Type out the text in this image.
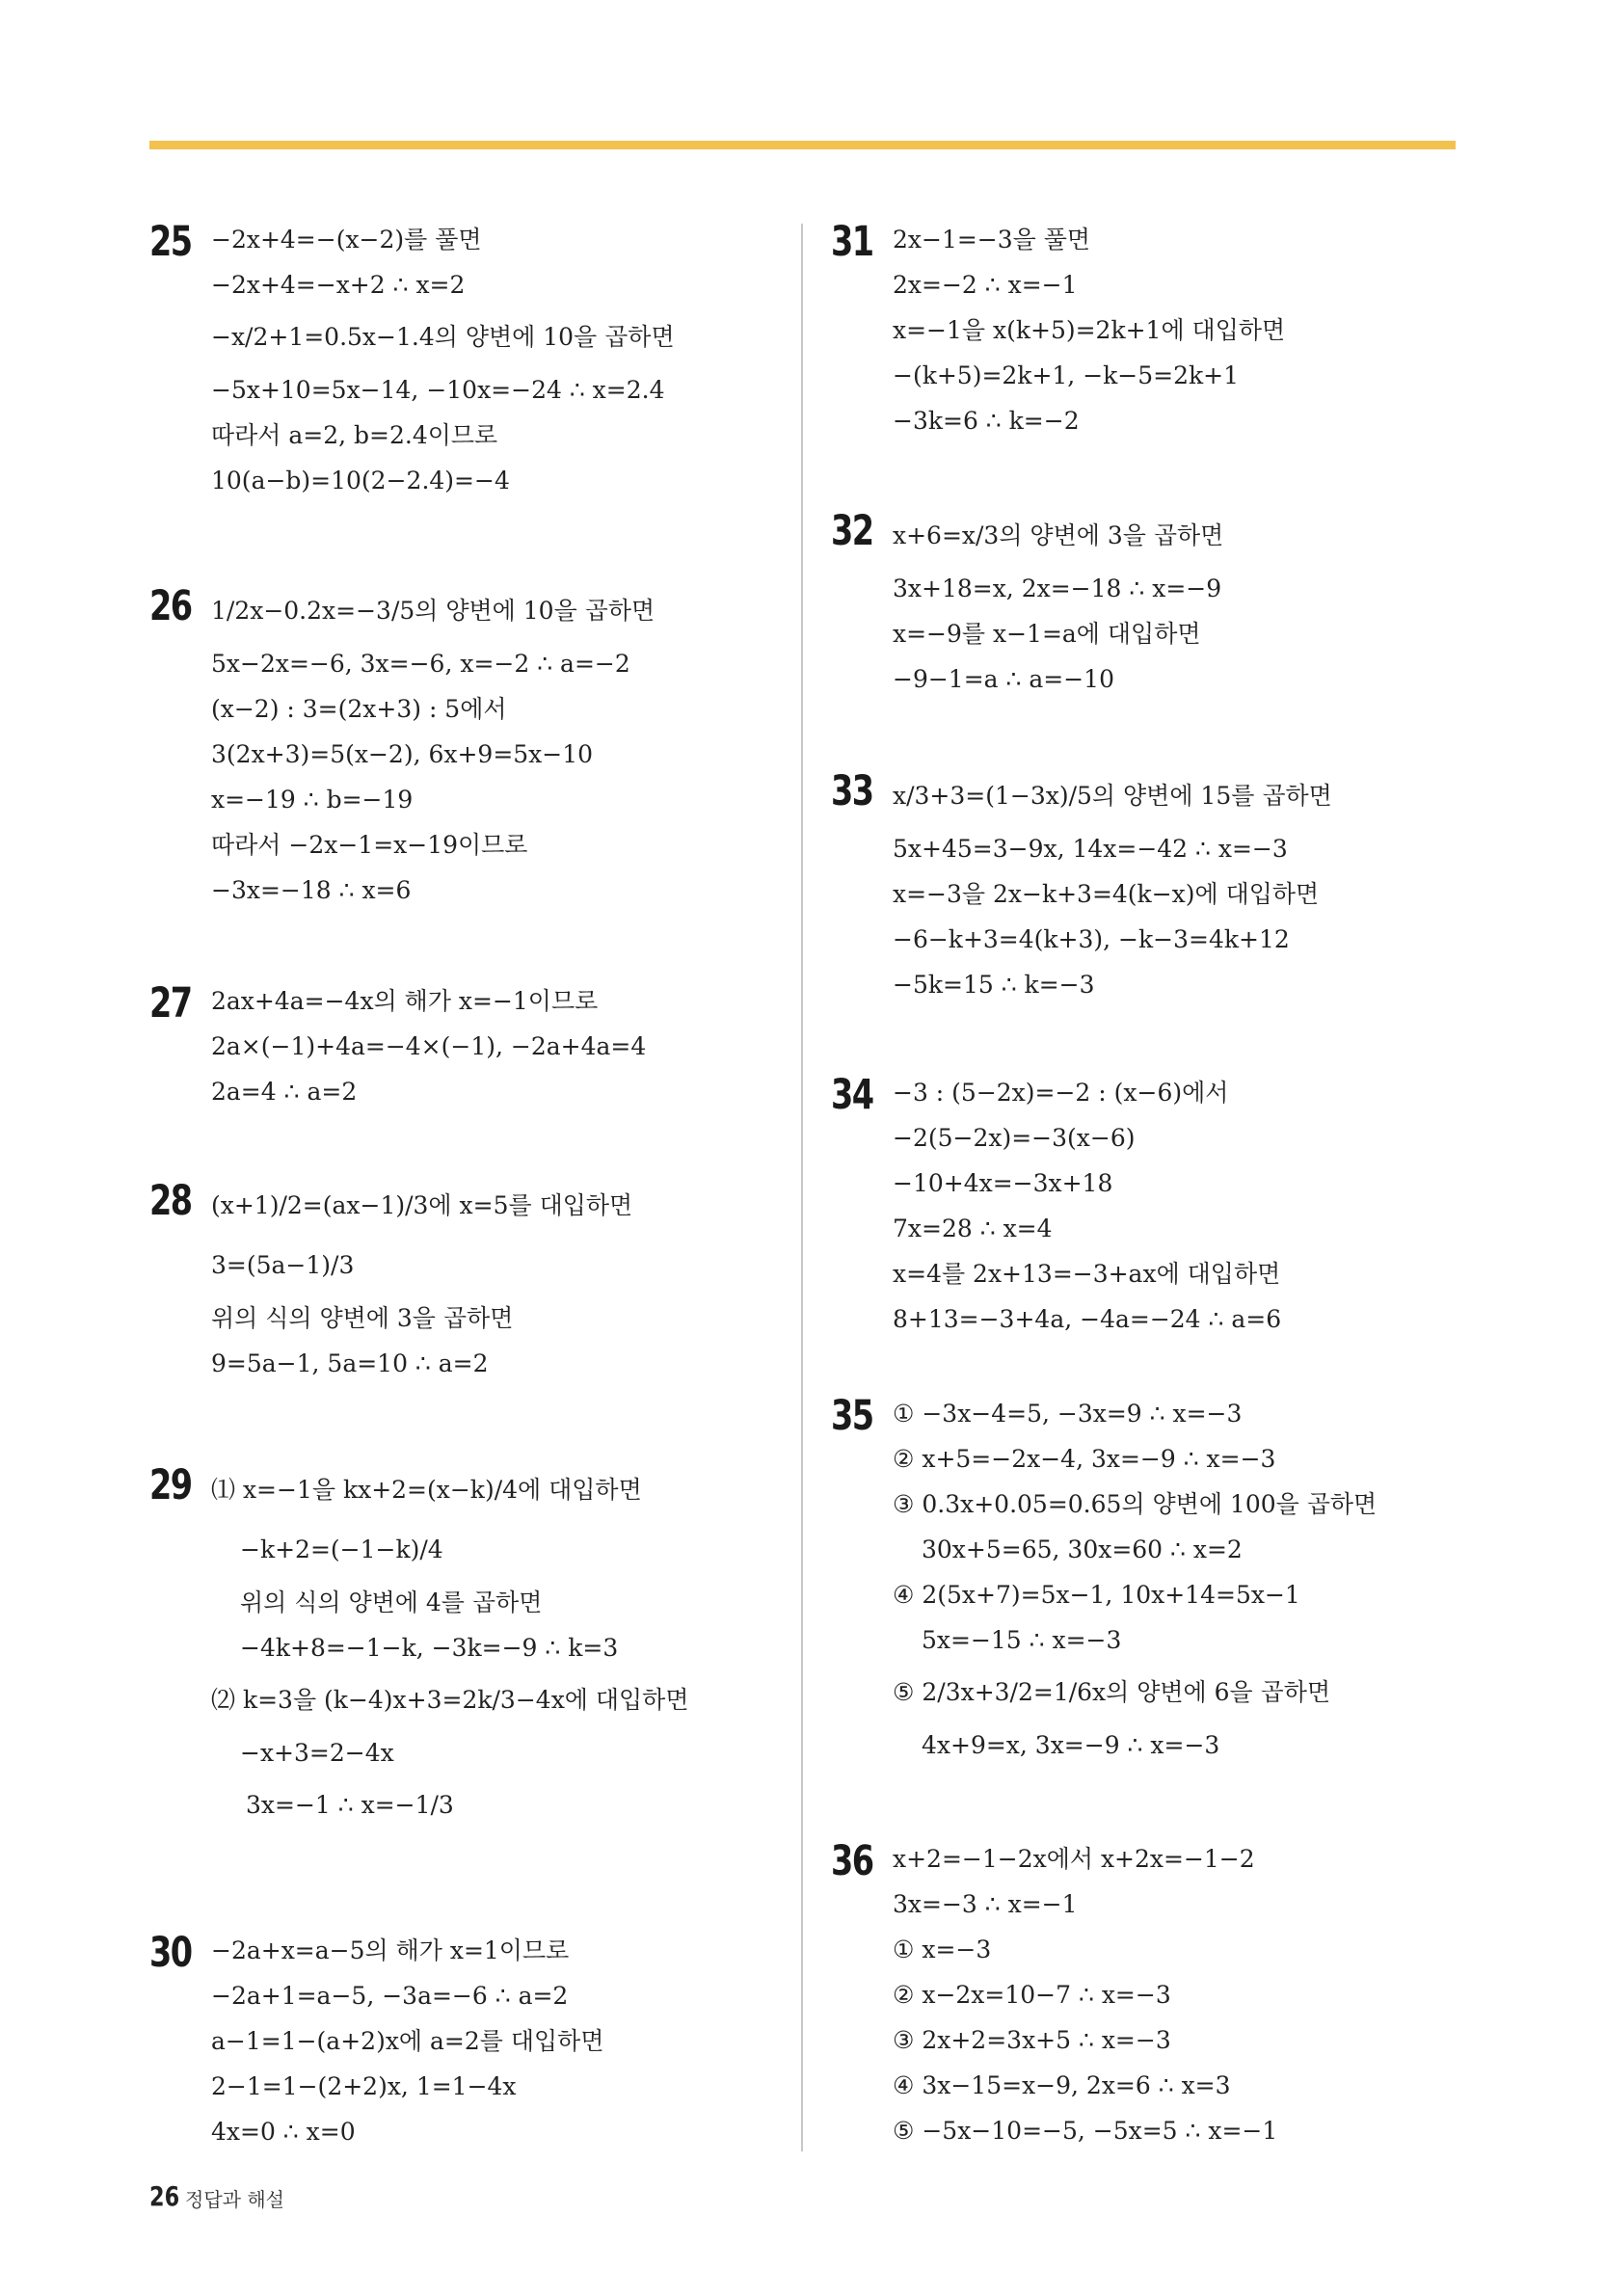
25 −2x+4=−(x−2)를 풀면
−2x+4=−x+2 ∴ x=2
−x/2+1=0.5x−1.4의 양변에 10을 곱하면
−5x+10=5x−14, −10x=−24 ∴ x=2.4
따라서 a=2, b=2.4이므로
10(a−b)=10(2−2.4)=−4
26 1/2x−0.2x=−3/5의 양변에 10을 곱하면
5x−2x=−6, 3x=−6, x=−2 ∴ a=−2
(x−2) : 3=(2x+3) : 5에서
3(2x+3)=5(x−2), 6x+9=5x−10
x=−19 ∴ b=−19
따라서 −2x−1=x−19이므로
−3x=−18 ∴ x=6
27 2ax+4a=−4x의 해가 x=−1이므로
2a×(−1)+4a=−4×(−1), −2a+4a=4
2a=4 ∴ a=2
28 (x+1)/2=(ax−1)/3에 x=5를 대입하면
3=(5a−1)/3
위의 식의 양변에 3을 곱하면
9=5a−1, 5a=10 ∴ a=2
29 ⑴ x=−1을 kx+2=(x−k)/4에 대입하면
−k+2=(−1−k)/4
위의 식의 양변에 4를 곱하면
−4k+8=−1−k, −3k=−9 ∴ k=3
⑵ k=3을 (k−4)x+3=2k/3−4x에 대입하면
−x+3=2−4x
3x=−1 ∴ x=−1/3
30 −2a+x=a−5의 해가 x=1이므로
−2a+1=a−5, −3a=−6 ∴ a=2
a−1=1−(a+2)x에 a=2를 대입하면
2−1=1−(2+2)x, 1=1−4x
4x=0 ∴ x=0
31 2x−1=−3을 풀면
2x=−2 ∴ x=−1
x=−1을 x(k+5)=2k+1에 대입하면
−(k+5)=2k+1, −k−5=2k+1
−3k=6 ∴ k=−2
32 x+6=x/3의 양변에 3을 곱하면
3x+18=x, 2x=−18 ∴ x=−9
x=−9를 x−1=a에 대입하면
−9−1=a ∴ a=−10
33 x/3+3=(1−3x)/5의 양변에 15를 곱하면
5x+45=3−9x, 14x=−42 ∴ x=−3
x=−3을 2x−k+3=4(k−x)에 대입하면
−6−k+3=4(k+3), −k−3=4k+12
−5k=15 ∴ k=−3
34 −3 : (5−2x)=−2 : (x−6)에서
−2(5−2x)=−3(x−6)
−10+4x=−3x+18
7x=28 ∴ x=4
x=4를 2x+13=−3+ax에 대입하면
8+13=−3+4a, −4a=−24 ∴ a=6
35 ① −3x−4=5, −3x=9 ∴ x=−3
② x+5=−2x−4, 3x=−9 ∴ x=−3
③ 0.3x+0.05=0.65의 양변에 100을 곱하면
30x+5=65, 30x=60 ∴ x=2
④ 2(5x+7)=5x−1, 10x+14=5x−1
5x=−15 ∴ x=−3
⑤ 2/3x+3/2=1/6x의 양변에 6을 곱하면
4x+9=x, 3x=−9 ∴ x=−3
36 x+2=−1−2x에서 x+2x=−1−2
3x=−3 ∴ x=−1
① x=−3
② x−2x=10−7 ∴ x=−3
③ 2x+2=3x+5 ∴ x=−3
④ 3x−15=x−9, 2x=6 ∴ x=3
⑤ −5x−10=−5, −5x=5 ∴ x=−1
26 정답과 해설
